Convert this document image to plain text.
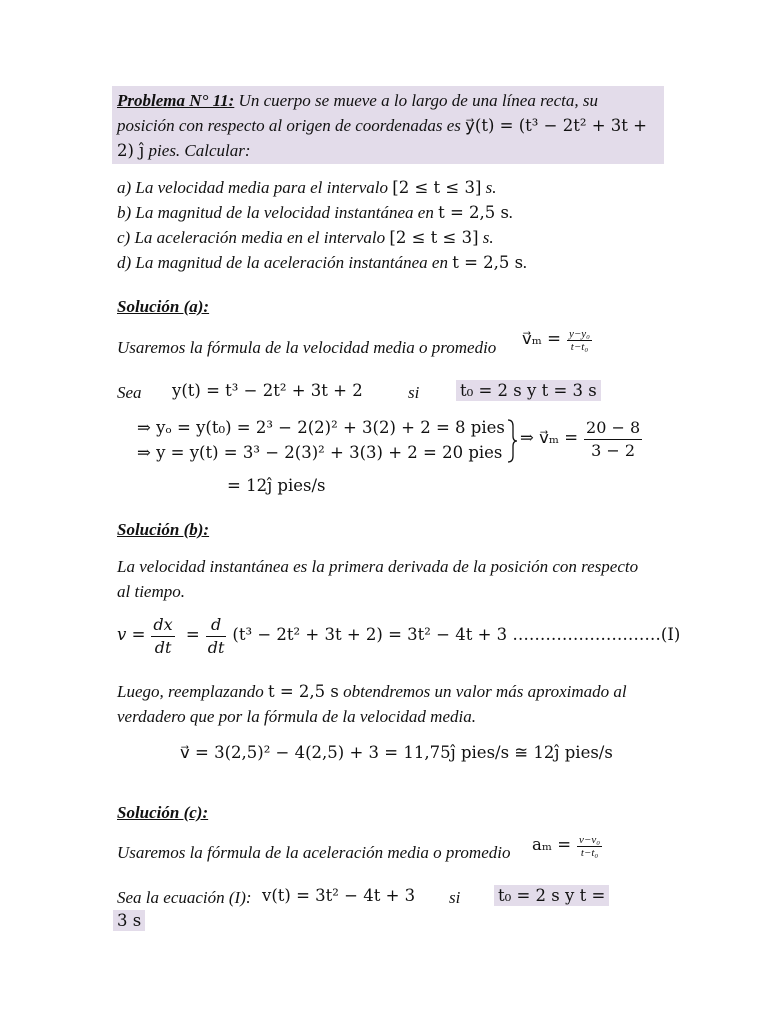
Problema N° 11: Un cuerpo se mueve a lo largo de una línea recta, su
posición con respecto al origen de coordenadas es y⃗(t) = (t³ − 2t² + 3t +
2) ĵ pies. Calcular:
a) La velocidad media para el intervalo [2 ≤ t ≤ 3] s.
b) La magnitud de la velocidad instantánea en t = 2,5 s.
c) La aceleración media en el intervalo [2 ≤ t ≤ 3] s.
d) La magnitud de la aceleración instantánea en t = 2,5 s.
Solución (a):
Usaremos la fórmula de la velocidad media o promedio v⃗ₘ = $\frac{\text{y−y₀}}{\text{t−t₀}}$
Sea y(t) = t³ − 2t² + 3t + 2	si t₀ = 2 s y t = 3 s
⇒ yₒ = y(t₀) = 2³ − 2(2)² + 3(2) + 2 = 8 pies
⇒ y = y(t) = 3³ − 2(3)² + 3(3) + 2 = 20 pies
⇒ v⃗ₘ = $\frac{20 - 8}{3 - 2}$
= 12ĵ pies/s
Solución (b):
La velocidad instantánea es la primera derivada de la posición con respecto
al tiempo.
$v = \frac{dx}{dt} = \frac{d}{dt} (t^3 - 2t^2 + 3t + 2) = 3t^2 - 4t + 3$ ………………………(I)
Luego, reemplazando t = 2,5 s obtendremos un valor más aproximado al
verdadero que por la fórmula de la velocidad media.
v⃗ = 3(2,5)² − 4(2,5) + 3 = 11,75ĵ pies/s ≅ 12ĵ pies/s
Solución (c):
Usaremos la fórmula de la aceleración media o promedio $a_m = \frac{\text{v−v₀}}{\text{t−t₀}}$
Sea la ecuación (I): v(t) = 3t² − 4t + 3 si t₀ = 2 s y t =
3 s
